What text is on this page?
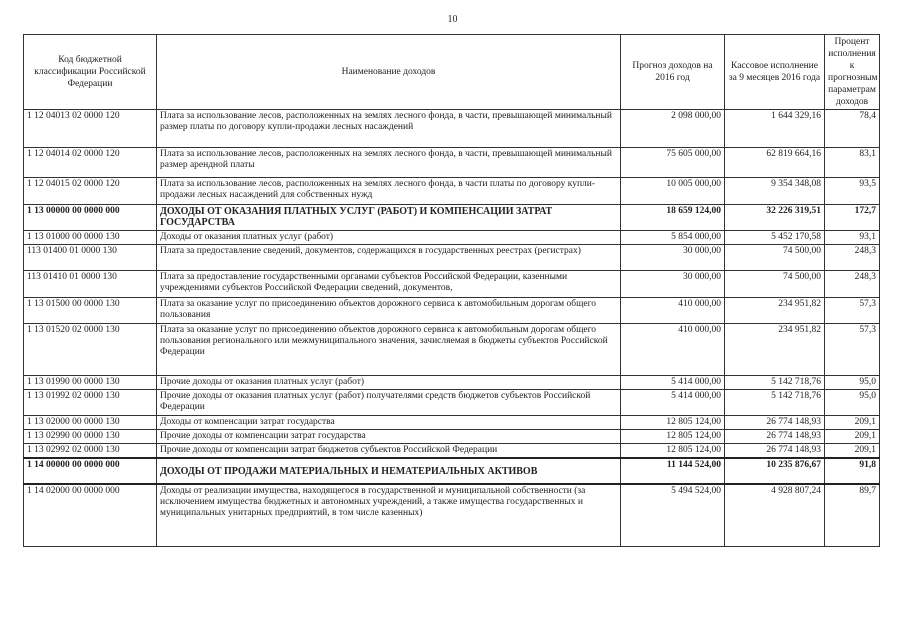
10
Код бюджетной классификации Российской Федерации	Наименование доходов	Прогноз доходов на 2016 год	Кассовое исполнение за 9 месяцев 2016 года	Процент исполнения к прогнозным параметрам доходов
1 12 04013 02 0000 120	Плата за использование лесов, расположенных на землях лесного фонда, в части, превышающей минимальный размер платы по договору купли-продажи лесных насаждений	2 098 000,00	1 644 329,16	78,4
1 12 04014 02 0000 120	Плата за использование лесов, расположенных на землях лесного фонда, в части, превышающей минимальный размер арендной платы	75 605 000,00	62 819 664,16	83,1
1 12 04015 02 0000 120	Плата за использование лесов, расположенных на землях лесного фонда, в части платы по договору купли-продажи лесных насаждений для собственных нужд	10 005 000,00	9 354 348,08	93,5
1 13 00000 00 0000 000	ДОХОДЫ ОТ ОКАЗАНИЯ ПЛАТНЫХ УСЛУГ (РАБОТ) И КОМПЕНСАЦИИ ЗАТРАТ ГОСУДАРСТВА	18 659 124,00	32 226 319,51	172,7
1 13 01000 00 0000 130	Доходы от оказания платных услуг (работ)	5 854 000,00	5 452 170,58	93,1
113 01400 01 0000 130	Плата за предоставление сведений, документов, содержащихся в государственных реестрах (регистрах)	30 000,00	74 500,00	248,3
113 01410 01 0000 130	Плата за предоставление государственными органами субъектов Российской Федерации, казенными учреждениями субъектов Российской Федерации сведений, документов,	30 000,00	74 500,00	248,3
1 13 01500 00 0000 130	Плата за оказание услуг по присоединению объектов дорожного сервиса к автомобильным дорогам общего пользования	410 000,00	234 951,82	57,3
1 13 01520 02 0000 130	Плата за оказание услуг по присоединению объектов дорожного сервиса к автомобильным дорогам общего пользования регионального или межмуниципального значения, зачисляемая в бюджеты субъектов Российской Федерации	410 000,00	234 951,82	57,3
1 13 01990 00 0000 130	Прочие доходы от оказания платных услуг (работ)	5 414 000,00	5 142 718,76	95,0
1 13 01992 02 0000 130	Прочие доходы от оказания платных услуг (работ) получателями средств бюджетов субъектов Российской Федерации	5 414 000,00	5 142 718,76	95,0
1 13 02000 00 0000 130	Доходы от компенсации затрат государства	12 805 124,00	26 774 148,93	209,1
1 13 02990 00 0000 130	Прочие доходы от компенсации затрат государства	12 805 124,00	26 774 148,93	209,1
1 13 02992 02 0000 130	Прочие доходы от компенсации затрат бюджетов субъектов Российской Федерации	12 805 124,00	26 774 148,93	209,1
1 14 00000 00 0000 000	ДОХОДЫ ОТ ПРОДАЖИ МАТЕРИАЛЬНЫХ И НЕМАТЕРИАЛЬНЫХ АКТИВОВ	11 144 524,00	10 235 876,67	91,8
1 14 02000 00 0000 000	Доходы от реализации имущества, находящегося в государственной и муниципальной собственности (за исключением имущества бюджетных и автономных учреждений, а также имущества государственных и муниципальных унитарных предприятий, в том числе казенных)	5 494 524,00	4 928 807,24	89,7
